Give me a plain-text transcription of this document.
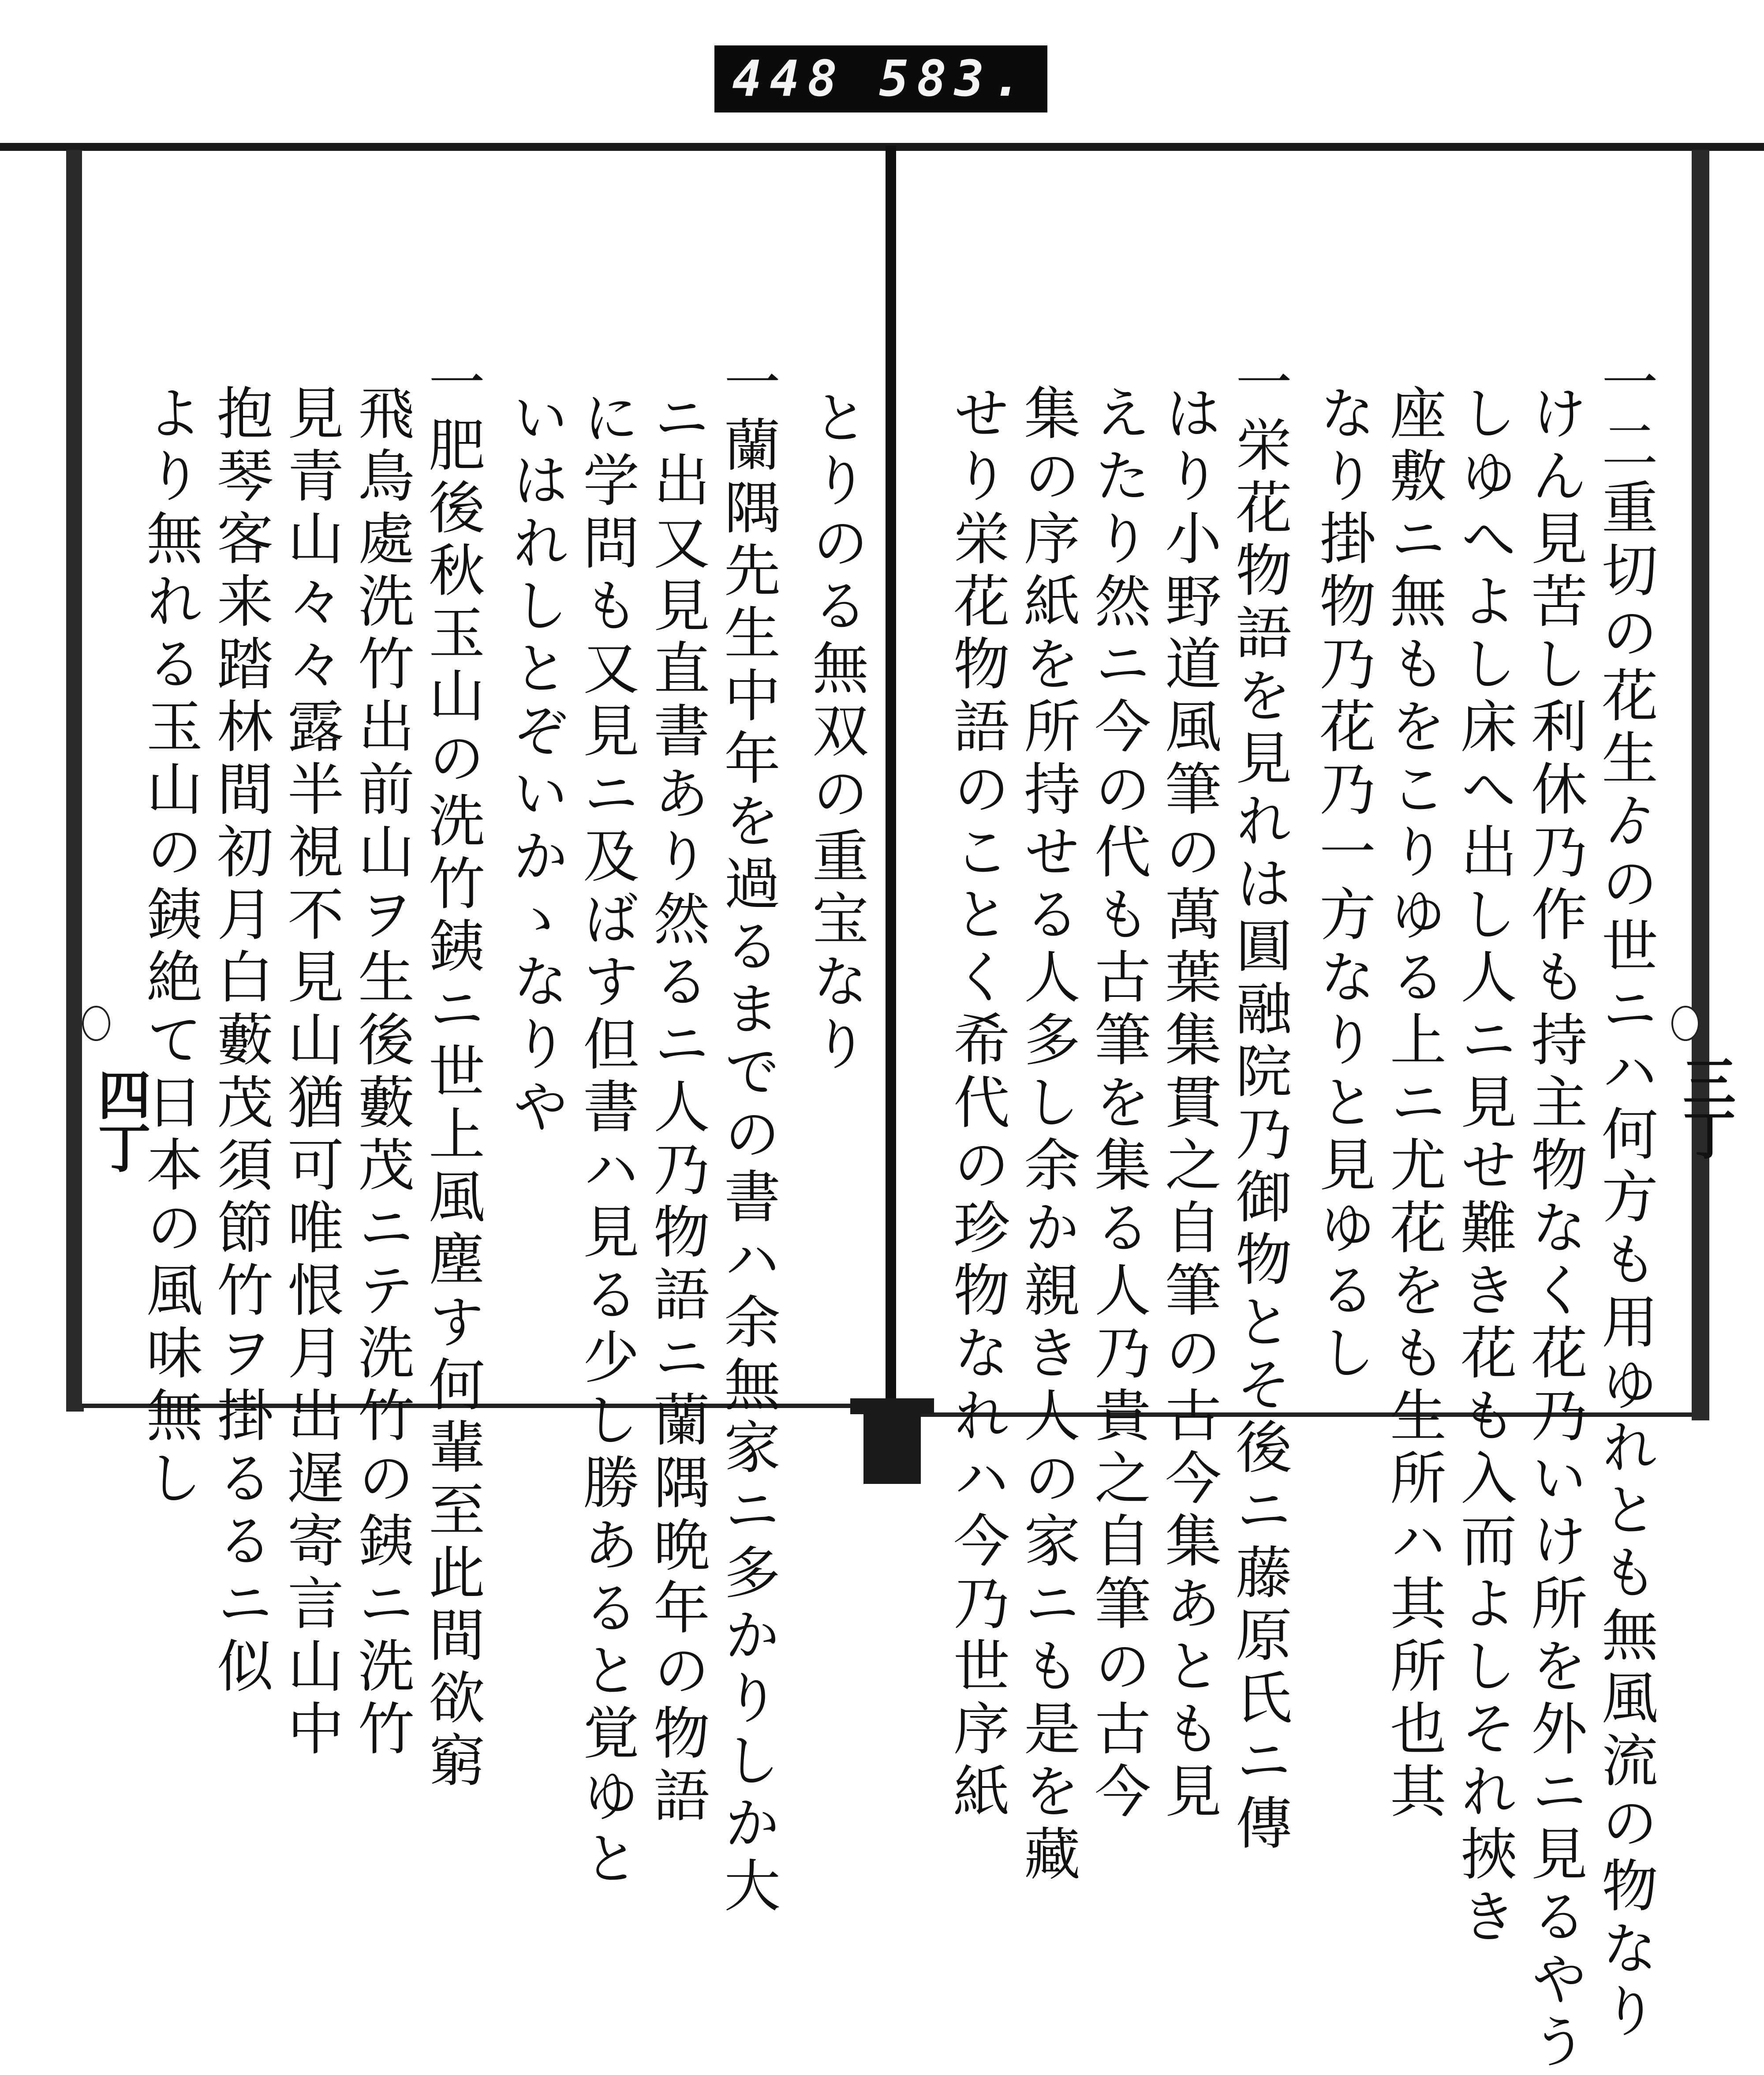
448 583.
一二重切の花生ゟの世ニハ何方も用ゆれとも無風流の物なり
けん見苦し利休乃作も持主物なく花乃いけ所を外ニ見るやう
しゆへよし床へ出し人ニ見せ難き花も入而よしそれ挾き
座敷ニ無もをこりゆる上ニ尤花をも生所ハ其所也其
なり掛物乃花乃一方なりと見ゆるし
一栄花物語を見れは圓融院乃御物とそ後ニ藤原氏ニ傳
はり小野道風筆の萬葉集貫之自筆の古今集あとも見
えたり然ニ今の代も古筆を集る人乃貴之自筆の古今
集の序紙を所持せる人多し余か親き人の家ニも是を藏
せり栄花物語のことく希代の珍物なれハ今乃世序紙
とりのる無双の重宝なり
一蘭隅先生中年を過るまでの書ハ余無家ニ多かりしか大
ニ出又見直書あり然るニ人乃物語ニ蘭隅晩年の物語
に学問も又見ニ及ばす但書ハ見る少し勝あると覚ゆと
いはれしとぞいかゝなりや
一肥後秋玉山の洗竹銕ニ世上風塵す何輩至此間欲窮
飛鳥處洗竹出前山ヲ生後藪茂ニテ洗竹の銕ニ洗竹
見青山々々露半視不見山猶可唯恨月出遅寄言山中
抱琴客来踏林間初月白藪茂須節竹ヲ掛るるニ似
より無れる玉山の銕絶て日本の風味無し
四丁	三丁
